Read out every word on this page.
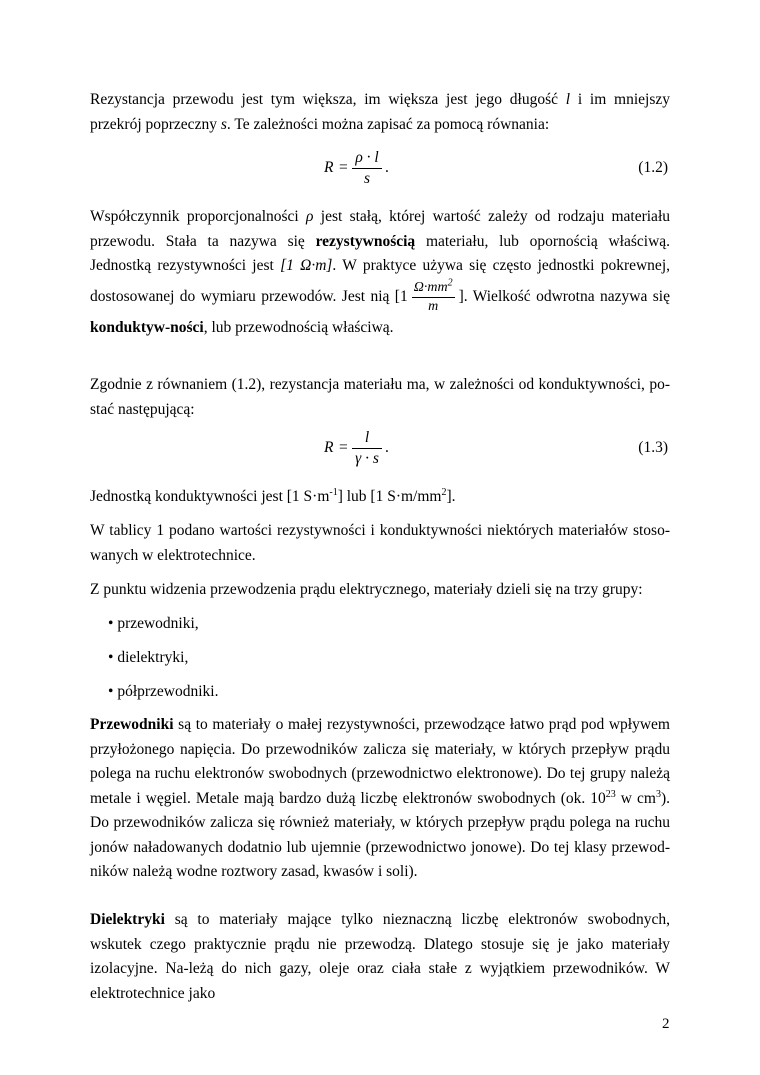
Rezystancja przewodu jest tym większa, im większa jest jego długość l i im mniejszy przekrój poprzeczny s. Te zależności można zapisać za pomocą równania:
$R = \frac{\rho \cdot l}{s}$ .	(1.2)
Współczynnik proporcjonalności ρ jest stałą, której wartość zależy od rodzaju materiału przewodu. Stała ta nazywa się rezystywnością materiału, lub opornością właściwą. Jednostką rezystywności jest [1 Ω·m]. W praktyce używa się często jednostki pokrewnej, dostosowanej do wymiaru przewodów. Jest nią [$1 \frac{\Omega\cdot mm^2}{m}$ ]. Wielkość odwrotna nazywa się konduktyw-ności, lub przewodnością właściwą.
Zgodnie z równaniem (1.2), rezystancja materiału ma, w zależności od konduktywności, po-stać następującą:
$R = \frac{l}{\gamma \cdot s}$ .	(1.3)
Jednostką konduktywności jest [1 $S\cdot m^{-1}$] lub [1 $S\cdot m/mm^2$].
W tablicy 1 podano wartości rezystywności i konduktywności niektórych materiałów stoso-wanych w elektrotechnice.
Z punktu widzenia przewodzenia prądu elektrycznego, materiały dzieli się na trzy grupy:
• przewodniki,
• dielektryki,
• półprzewodniki.
Przewodniki są to materiały o małej rezystywności, przewodzące łatwo prąd pod wpływem przyłożonego napięcia. Do przewodników zalicza się materiały, w których przepływ prądu polega na ruchu elektronów swobodnych (przewodnictwo elektronowe). Do tej grupy należą metale i węgiel. Metale mają bardzo dużą liczbę elektronów swobodnych (ok. $10^{23}$ w $cm^3$). Do przewodników zalicza się również materiały, w których przepływ prądu polega na ruchu jonów naładowanych dodatnio lub ujemnie (przewodnictwo jonowe). Do tej klasy przewod-ników należą wodne roztwory zasad, kwasów i soli).
Dielektryki są to materiały mające tylko nieznaczną liczbę elektronów swobodnych, wskutek czego praktycznie prądu nie przewodzą. Dlatego stosuje się je jako materiały izolacyjne. Na-leżą do nich gazy, oleje oraz ciała stałe z wyjątkiem przewodników. W elektrotechnice jako
2
